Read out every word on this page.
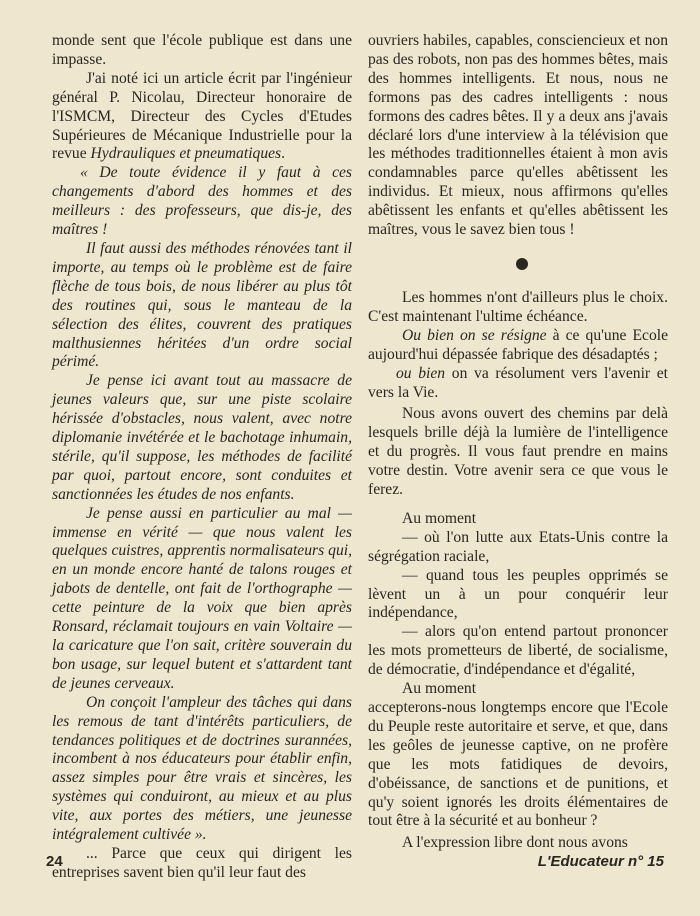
monde sent que l'école publique est dans une impasse.

J'ai noté ici un article écrit par l'ingénieur général P. Nicolau, Directeur honoraire de l'ISMCM, Directeur des Cycles d'Etudes Supérieures de Mécanique Industrielle pour la revue Hydrauliques et pneumatiques.

« De toute évidence il y faut à ces changements d'abord des hommes et des meilleurs : des professeurs, que dis-je, des maîtres !

Il faut aussi des méthodes rénovées tant il importe, au temps où le problème est de faire flèche de tous bois, de nous libérer au plus tôt des routines qui, sous le manteau de la sélection des élites, couvrent des pratiques malthusiennes héritées d'un ordre social périmé.

Je pense ici avant tout au massacre de jeunes valeurs que, sur une piste scolaire hérissée d'obstacles, nous valent, avec notre diplomanie invétérée et le bachotage inhumain, stérile, qu'il suppose, les méthodes de facilité par quoi, partout encore, sont conduites et sanctionnées les études de nos enfants.

Je pense aussi en particulier au mal — immense en vérité — que nous valent les quelques cuistres, apprentis normalisateurs qui, en un monde encore hanté de talons rouges et jabots de dentelle, ont fait de l'orthographe — cette peinture de la voix que bien après Ronsard, réclamait toujours en vain Voltaire — la caricature que l'on sait, critère souverain du bon usage, sur lequel butent et s'attardent tant de jeunes cerveaux.

On conçoit l'ampleur des tâches qui dans les remous de tant d'intérêts particuliers, de tendances politiques et de doctrines surannées, incombent à nos éducateurs pour établir enfin, assez simples pour être vrais et sincères, les systèmes qui conduiront, au mieux et au plus vite, aux portes des métiers, une jeunesse intégralement cultivée ».

... Parce que ceux qui dirigent les entreprises savent bien qu'il leur faut des

ouvriers habiles, capables, consciencieux et non pas des robots, non pas des hommes bêtes, mais des hommes intelligents. Et nous, nous ne formons pas des cadres intelligents : nous formons des cadres bêtes. Il y a deux ans j'avais déclaré lors d'une interview à la télévision que les méthodes traditionnelles étaient à mon avis condamnables parce qu'elles abêtissent les individus. Et mieux, nous affirmons qu'elles abêtissent les enfants et qu'elles abêtissent les maîtres, vous le savez bien tous !

Les hommes n'ont d'ailleurs plus le choix. C'est maintenant l'ultime échéance.

Ou bien on se résigne à ce qu'une Ecole aujourd'hui dépassée fabrique des désadaptés ;

ou bien on va résolument vers l'avenir et vers la Vie.

Nous avons ouvert des chemins par delà lesquels brille déjà la lumière de l'intelligence et du progrès. Il vous faut prendre en mains votre destin. Votre avenir sera ce que vous le ferez.

Au moment

— où l'on lutte aux Etats-Unis contre la ségrégation raciale,

— quand tous les peuples opprimés se lèvent un à un pour conquérir leur indépendance,

— alors qu'on entend partout prononcer les mots prometteurs de liberté, de socialisme, de démocratie, d'indépendance et d'égalité,

Au moment

accepterons-nous longtemps encore que l'Ecole du Peuple reste autoritaire et serve, et que, dans les geôles de jeunesse captive, on ne profère que les mots fatidiques de devoirs, d'obéissance, de sanctions et de punitions, et qu'y soient ignorés les droits élémentaires de tout être à la sécurité et au bonheur ?

A l'expression libre dont nous avons

24	L'Educateur n° 15
